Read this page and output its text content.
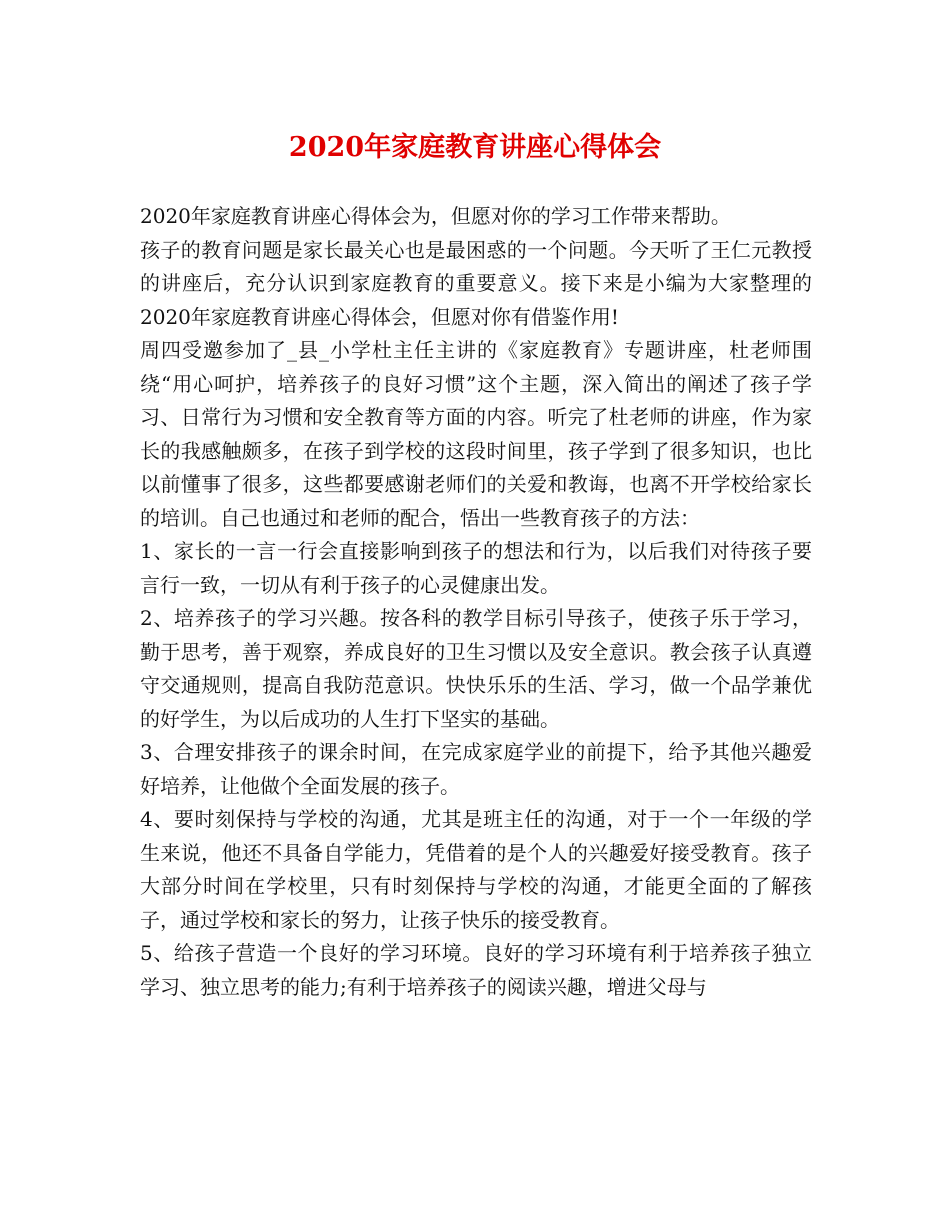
2020年家庭教育讲座心得体会

2020年家庭教育讲座心得体会为，但愿对你的学习工作带来帮助。

孩子的教育问题是家长最关心也是最困惑的一个问题。今天听了王仁元教授的讲座后，充分认识到家庭教育的重要意义。接下来是小编为大家整理的2020年家庭教育讲座心得体会，但愿对你有借鉴作用!

周四受邀参加了_县_小学杜主任主讲的《家庭教育》专题讲座，杜老师围绕“用心呵护，培养孩子的良好习惯”这个主题，深入简出的阐述了孩子学习、日常行为习惯和安全教育等方面的内容。听完了杜老师的讲座，作为家长的我感触颇多，在孩子到学校的这段时间里，孩子学到了很多知识，也比以前懂事了很多，这些都要感谢老师们的关爱和教诲，也离不开学校给家长的培训。自己也通过和老师的配合，悟出一些教育孩子的方法：

1、家长的一言一行会直接影响到孩子的想法和行为，以后我们对待孩子要言行一致，一切从有利于孩子的心灵健康出发。

2、培养孩子的学习兴趣。按各科的教学目标引导孩子，使孩子乐于学习，勤于思考，善于观察，养成良好的卫生习惯以及安全意识。教会孩子认真遵守交通规则，提高自我防范意识。快快乐乐的生活、学习，做一个品学兼优的好学生，为以后成功的人生打下坚实的基础。

3、合理安排孩子的课余时间，在完成家庭学业的前提下，给予其他兴趣爱好培养，让他做个全面发展的孩子。

4、要时刻保持与学校的沟通，尤其是班主任的沟通，对于一个一年级的学生来说，他还不具备自学能力，凭借着的是个人的兴趣爱好接受教育。孩子大部分时间在学校里，只有时刻保持与学校的沟通，才能更全面的了解孩子，通过学校和家长的努力，让孩子快乐的接受教育。

5、给孩子营造一个良好的学习环境。良好的学习环境有利于培养孩子独立学习、独立思考的能力;有利于培养孩子的阅读兴趣，增进父母与
